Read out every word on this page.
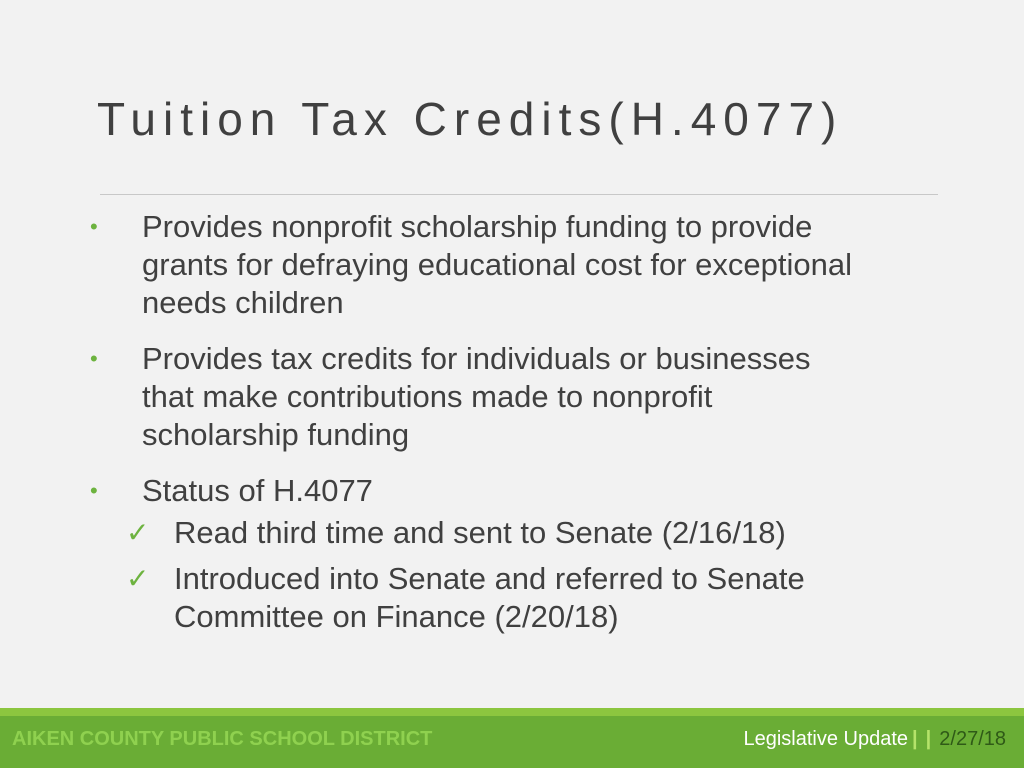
Tuition Tax Credits(H.4077)
• Provides nonprofit scholarship funding to provide
grants for defraying educational cost for exceptional
needs children
• Provides tax credits for individuals or businesses
that make contributions made to nonprofit
scholarship funding
• Status of H.4077
✓ Read third time and sent to Senate (2/16/18)
✓ Introduced into Senate and referred to Senate
Committee on Finance (2/20/18)
AIKEN COUNTY PUBLIC SCHOOL DISTRICT	Legislative Update | | 2/27/18
